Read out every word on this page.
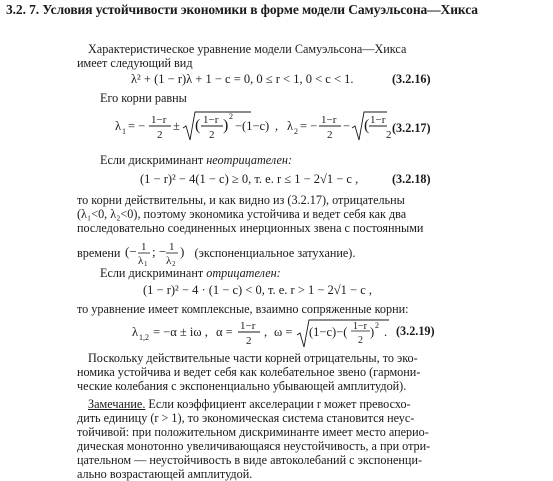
3.2. 7. Условия устойчивости экономики в форме модели Самуэльсона—Хикса
Характеристическое уравнение модели Самуэльсона—Хикса
имеет следующий вид
λ² + (1 − r)λ + 1 − c = 0, 0 ≤ r < 1, 0 < c < 1.	(3.2.16)
Его корни равны
λ 1 = − 1−r
2
± ( 1−r
2
)
2
−(1−c) , λ 2 = − 1−r
2
− ( 1−r
2 (3.2.17)
Если дискриминант неотрицателен:
(1 − r)² − 4(1 − c) ≥ 0, т. е. r ≤ 1 − 2√1 − c ,	(3.2.18)
то корни действительны, и как видно из (3.2.17), отрицательны
(λ₁<0, λ₂<0), поэтому экономика устойчива и ведет себя как два
последовательно соединенных инерционных звена с постоянными
времени (− 1
λ 1
; − 1
λ 2
) (экспоненциальное затухание).
Если дискриминант отрицателен:
(1 − r)² − 4 · (1 − c) < 0, т. е. r > 1 − 2√1 − c ,
то уравнение имеет комплексные, взаимно сопряженные корни:
λ 1,2 = −α ± iω , α = 1−r
2
, ω = (1−c)−( 1−r
2
) 2 . (3.2.19)
Поскольку действительные части корней отрицательны, то эко-
номика устойчива и ведет себя как колебательное звено (гармони-
ческие колебания с экспоненциально убывающей амплитудой).
Замечание. Если коэффициент акселерации r может превосхо-
дить единицу (r > 1), то экономическая система становится неус-
тойчивой: при положительном дискриминанте имеет место аперио-
дическая монотонно увеличивающаяся неустойчивость, а при отри-
цательном — неустойчивость в виде автоколебаний с экспоненци-
ально возрастающей амплитудой.
